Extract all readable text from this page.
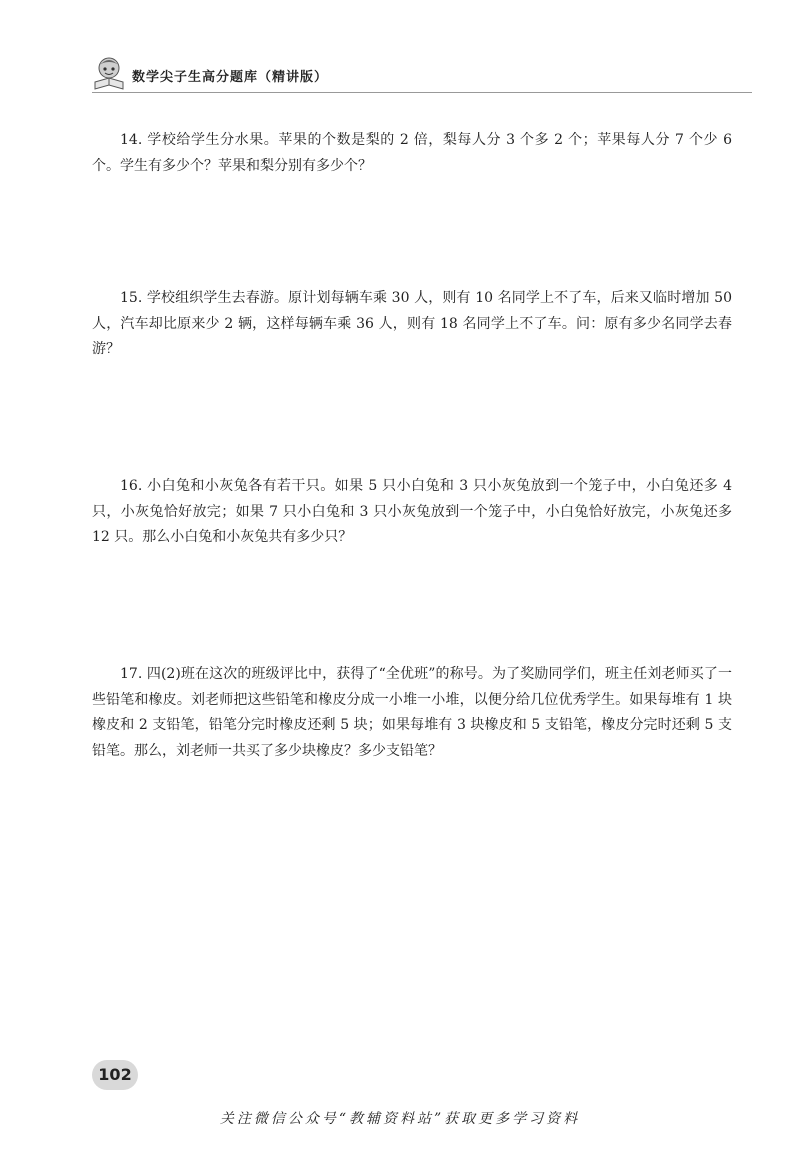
数学尖子生高分题库（精讲版）

14. 学校给学生分水果。苹果的个数是梨的 2 倍，梨每人分 3 个多 2 个；苹果每人分 7 个少 6 个。学生有多少个？苹果和梨分别有多少个？

15. 学校组织学生去春游。原计划每辆车乘 30 人，则有 10 名同学上不了车，后来又临时增加 50 人，汽车却比原来少 2 辆，这样每辆车乘 36 人，则有 18 名同学上不了车。问：原有多少名同学去春游？

16. 小白兔和小灰兔各有若干只。如果 5 只小白兔和 3 只小灰兔放到一个笼子中，小白兔还多 4 只，小灰兔恰好放完；如果 7 只小白兔和 3 只小灰兔放到一个笼子中，小白兔恰好放完，小灰兔还多 12 只。那么小白兔和小灰兔共有多少只？

17. 四(2)班在这次的班级评比中，获得了“全优班”的称号。为了奖励同学们，班主任刘老师买了一些铅笔和橡皮。刘老师把这些铅笔和橡皮分成一小堆一小堆，以便分给几位优秀学生。如果每堆有 1 块橡皮和 2 支铅笔，铅笔分完时橡皮还剩 5 块；如果每堆有 3 块橡皮和 5 支铅笔，橡皮分完时还剩 5 支铅笔。那么，刘老师一共买了多少块橡皮？多少支铅笔？

102
关注微信公众号“教辅资料站”获取更多学习资料
